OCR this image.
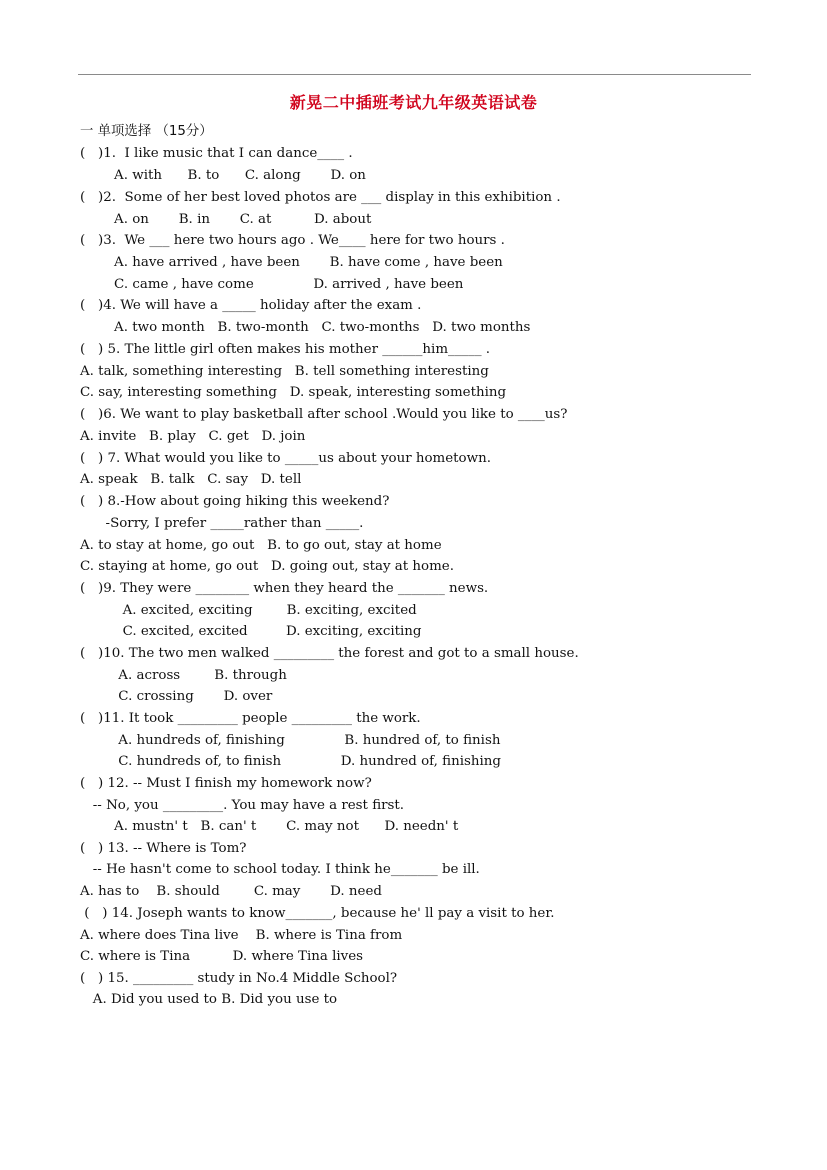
新晃二中插班考试九年级英语试卷
一 单项选择 （15分）
(   )1.  I like music that I can dance____ .
A. with      B. to      C. along       D. on
(   )2.  Some of her best loved photos are ___ display in this exhibition .
A. on       B. in       C. at          D. about
(   )3.  We ___ here two hours ago . We____ here for two hours .
A. have arrived , have been       B. have come , have been
C. came , have come              D. arrived , have been
(   )4. We will have a _____ holiday after the exam .
A. two month   B. two-month   C. two-months   D. two months
(   ) 5. The little girl often makes his mother ______him_____ .
A. talk, something interesting   B. tell something interesting
C. say, interesting something   D. speak, interesting something
(   )6. We want to play basketball after school .Would you like to ____us?
A. invite   B. play   C. get   D. join
(   ) 7. What would you like to _____us about your hometown.
A. speak   B. talk   C. say   D. tell
(   ) 8.-How about going hiking this weekend?
-Sorry, I prefer _____rather than _____.
A. to stay at home, go out   B. to go out, stay at home
C. staying at home, go out   D. going out, stay at home.
(   )9. They were ________ when they heard the _______ news.
A. excited, exciting        B. exciting, excited
C. excited, excited         D. exciting, exciting
(   )10. The two men walked _________ the forest and got to a small house.
A. across        B. through
C. crossing       D. over
(   )11. It took _________ people _________ the work.
A. hundreds of, finishing              B. hundred of, to finish
C. hundreds of, to finish              D. hundred of, finishing
(   ) 12. -- Must I finish my homework now?
-- No, you _________. You may have a rest first.
A. mustn' t   B. can' t       C. may not      D. needn' t
(   ) 13. -- Where is Tom?
-- He hasn't come to school today. I think he_______ be ill.
A. has to    B. should        C. may       D. need
(   ) 14. Joseph wants to know_______, because he' ll pay a visit to her.
A. where does Tina live    B. where is Tina from
C. where is Tina          D. where Tina lives
(   ) 15. _________ study in No.4 Middle School?
A. Did you used to B. Did you use to
